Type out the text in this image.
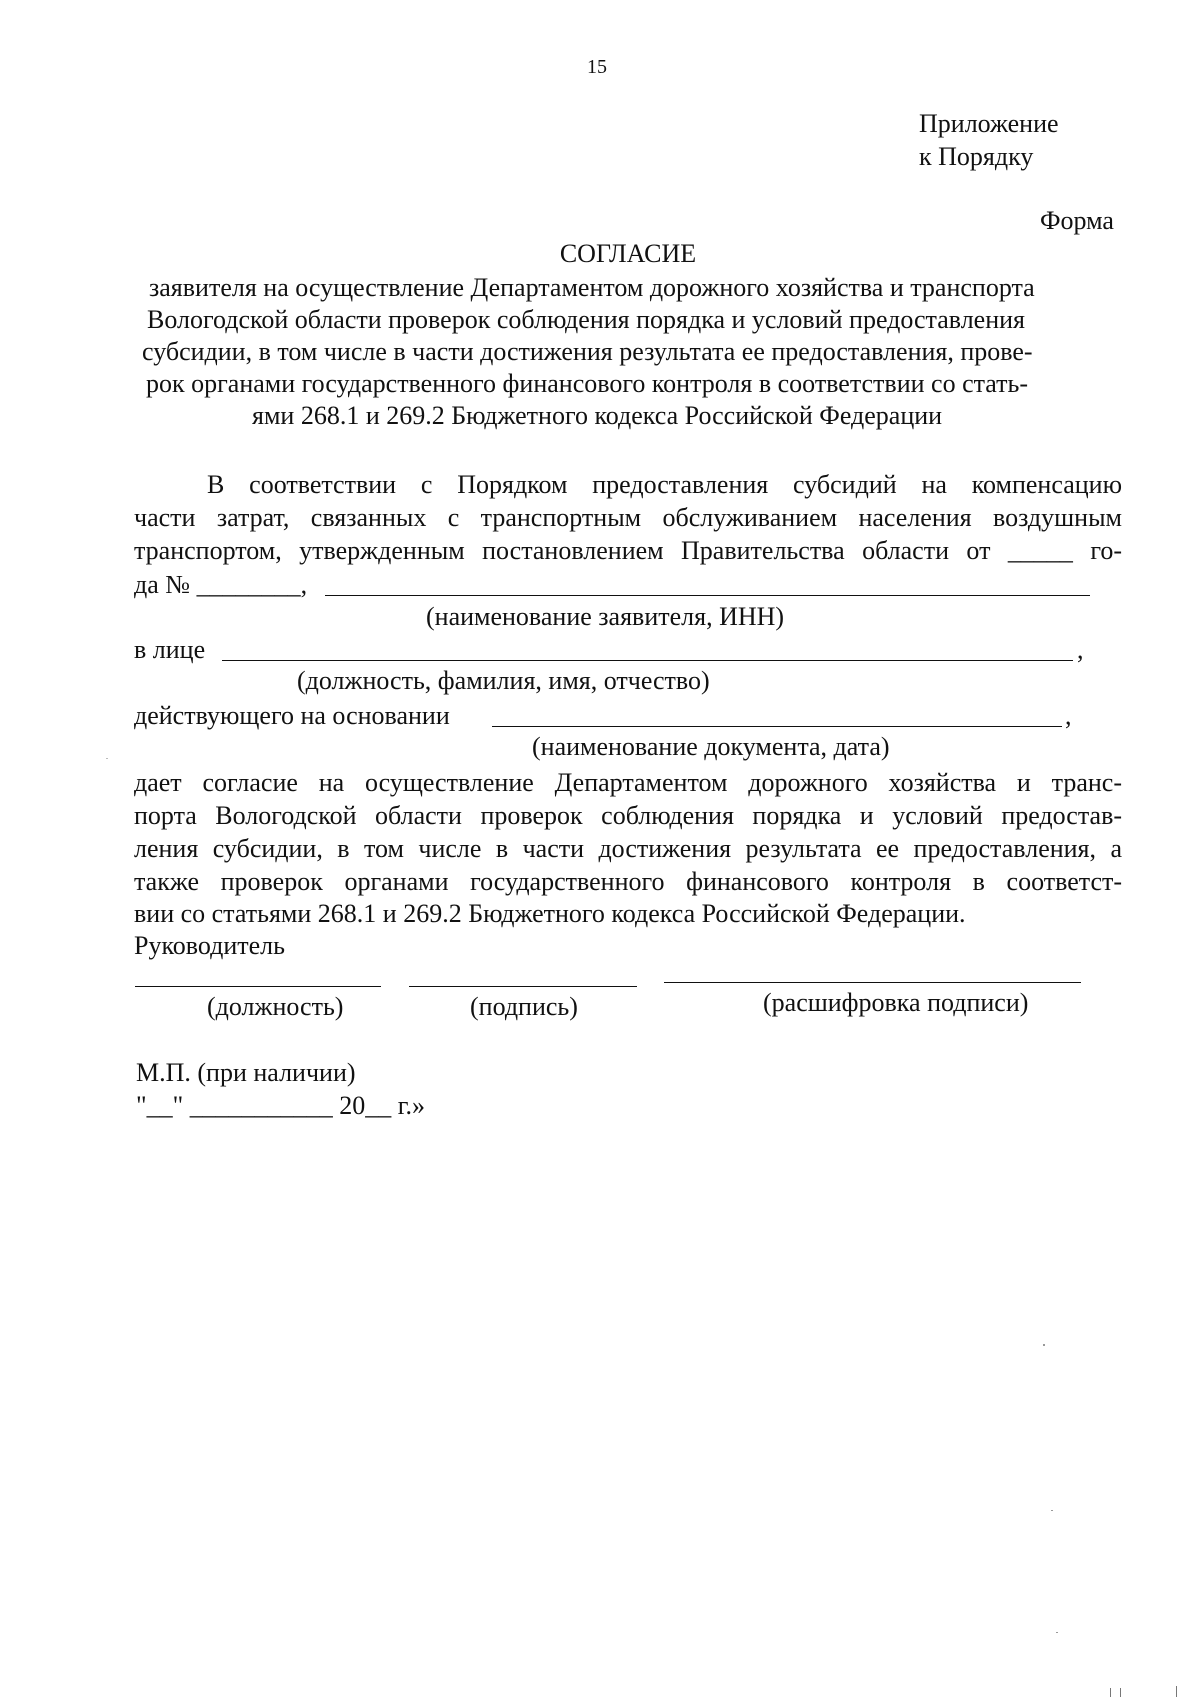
15
Приложение
к Порядку
Форма
СОГЛАСИЕ
заявителя на осуществление Департаментом дорожного хозяйства и транспорта
Вологодской области проверок соблюдения порядка и условий предоставления
субсидии, в том числе в части достижения результата ее предоставления, прове-
рок органами государственного финансового контроля в соответствии со стать-
ями 268.1 и 269.2 Бюджетного кодекса Российской Федерации
В соответствии с Порядком предоставления субсидий на компенсацию
части затрат, связанных с транспортным обслуживанием населения воздушным
транспортом, утвержденным постановлением Правительства области от _____ го-
да № ________,
(наименование заявителя, ИНН)
в лице	,
(должность, фамилия, имя, отчество)
действующего на основании	,
(наименование документа, дата)
дает согласие на осуществление Департаментом дорожного хозяйства и транс-
порта Вологодской области проверок соблюдения порядка и условий предостав-
ления субсидии, в том числе в части достижения результата ее предоставления, а
также проверок органами государственного финансового контроля в соответст-
вии со статьями 268.1 и 269.2 Бюджетного кодекса Российской Федерации.
Руководитель
(должность)	(подпись)	(расшифровка подписи)
М.П. (при наличии)
"__" ___________ 20__ г.»
